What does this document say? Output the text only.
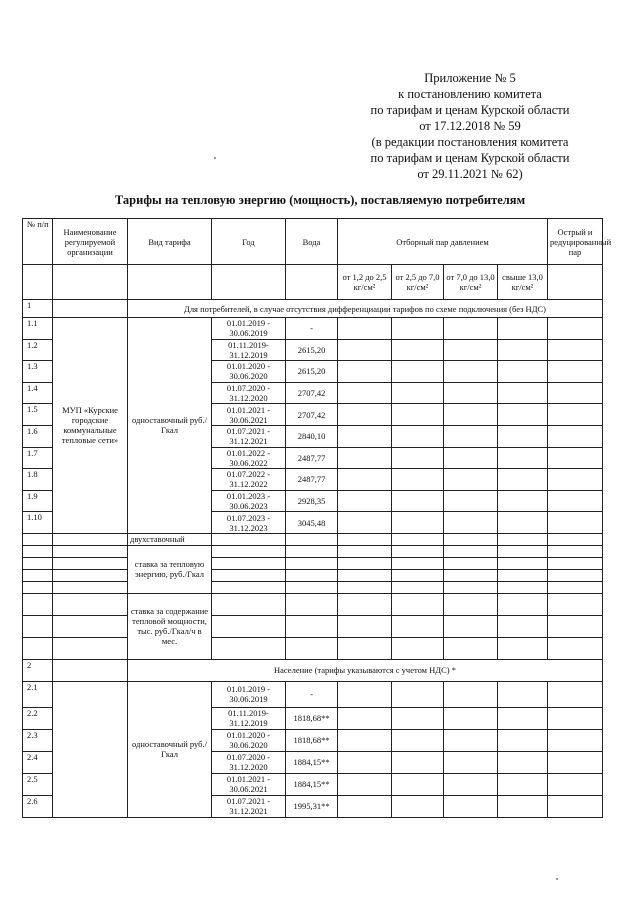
Приложение № 5
к постановлению комитета
по тарифам и ценам Курской области
от 17.12.2018 № 59
(в редакции постановления комитета
по тарифам и ценам Курской области
от 29.11.2021 № 62)
Тарифы на тепловую энергию (мощность), поставляемую потребителям
№ п/п	Наименование регулируемой организации	Вид тарифа	Год	Вода	Отборный пар давлением				Острый и редуцированный пар
					от 1,2 до 2,5 кг/см²	от 2,5 до 7,0 кг/см²	от 7,0 до 13,0 кг/см²	свыше 13,0 кг/см²	
1		Для потребителей, в случае отсутствия дифференциации тарифов по схеме подключения (без НДС)							
1.1	МУП «Курские городские коммунальные тепловые сети»	одноставочный руб./Гкал	01.01.2019 - 30.06.2019	-					
1.2			01.11.2019- 31.12.2019	2615,20					
1.3			01.01.2020 - 30.06.2020	2615,20					
1.4			01.07.2020 - 31.12.2020	2707,42					
1.5			01.01.2021 - 30.06.2021	2707,42					
1.6			01.07.2021 - 31.12.2021	2840,10					
1.7			01.01.2022 - 30.06.2022	2487,77					
1.8			01.07.2022 - 31.12.2022	2487,77					
1.9			01.01.2023 - 30.06.2023	2928,35					
1.10			01.07.2023 - 31.12.2023	3045,48					
		двухставочный							
		ставка за тепловую энергию, руб./Гкал							

		ставка за содержание тепловой мощности, тыс. руб./Гкал/ч в мес.							

2		Население (тарифы указываются с учетом НДС) *							
2.1		одноставочный руб./Гкал	01.01.2019 - 30.06.2019	-					
2.2			01.11.2019- 31.12.2019	1818,68**					
2.3			01.01.2020 - 30.06.2020	1818,68**					
2.4			01.07.2020 - 31.12.2020	1884,15**					
2.5			01.01.2021 - 30.06.2021	1884,15**					
2.6			01.07.2021 - 31.12.2021	1995,31**					
